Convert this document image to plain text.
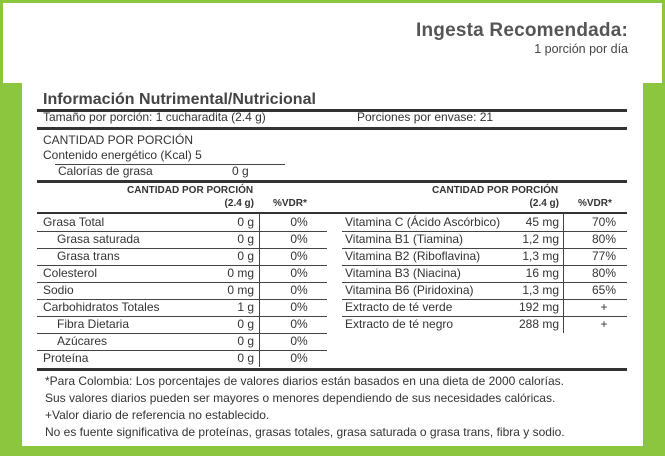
Ingesta Recomendada:
1 porción por día
Información Nutrimental/Nutricional
Tamaño por porción: 1 cucharadita (2.4 g)	Porciones por envase: 21
CANTIDAD POR PORCIÓN
Contenido energético (Kcal) 5
Calorías de grasa	0 g
CANTIDAD POR PORCIÓN
(2.4 g) %VDR*
CANTIDAD POR PORCIÓN
(2.4 g) %VDR*
Grasa Total	0 g	0%
Grasa saturada	0 g	0%
Grasa trans	0 g	0%
Colesterol	0 mg	0%
Sodio	0 mg	0%
Carbohidratos Totales	1 g	0%
Fibra Dietaria	0 g	0%
Azúcares	0 g	0%
Proteína	0 g	0%
Vitamina C (Ácido Ascórbico)	45 mg	70%
Vitamina B1 (Tiamina)	1,2 mg	80%
Vitamina B2 (Riboflavina)	1,3 mg	77%
Vitamina B3 (Niacina)	16 mg	80%
Vitamina B6 (Piridoxina)	1,3 mg	65%
Extracto de té verde	192 mg	+
Extracto de té negro	288 mg	+
*Para Colombia: Los porcentajes de valores diarios están basados en una dieta de 2000 calorías.
Sus valores diarios pueden ser mayores o menores dependiendo de sus necesidades calóricas.
+Valor diario de referencia no establecido.
No es fuente significativa de proteínas, grasas totales, grasa saturada o grasa trans, fibra y sodio.
